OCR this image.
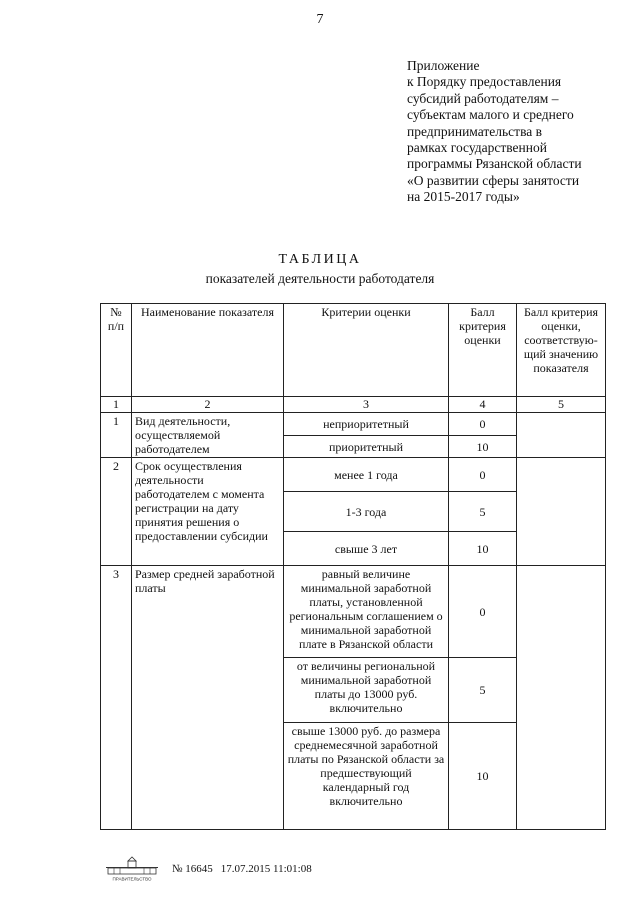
7
Приложение
к Порядку предоставления
субсидий работодателям –
субъектам малого и среднего
предпринимательства в
рамках государственной
программы Рязанской области
«О развитии сферы занятости
на 2015-2017 годы»
ТАБЛИЦА
показателей деятельности работодателя
№ п/п	Наименование показателя	Критерии оценки	Балл критерия оценки	Балл критерия оценки, соответствую-щий значению показателя
1	2	3	4	5
1	Вид деятельности, осуществляемой работодателем	неприоритетный	0	
		приоритетный	10	
2	Срок осуществления деятельности работодателем с момента регистрации на дату принятия решения о предоставлении субсидии	менее 1 года	0	
		1-3 года	5	
		свыше 3 лет	10	
3	Размер средней заработной платы	равный величине минимальной заработной платы, установленной региональным соглашением о минимальной заработной плате в Рязанской области	0	
		от величины региональной минимальной заработной платы до 13000 руб. включительно	5	
		свыше 13000 руб. до размера среднемесячной заработной платы по Рязанской области за предшествующий календарный год включительно	10	
ПРАВИТЕЛЬСТВО
№ 16645 17.07.2015 11:01:08
